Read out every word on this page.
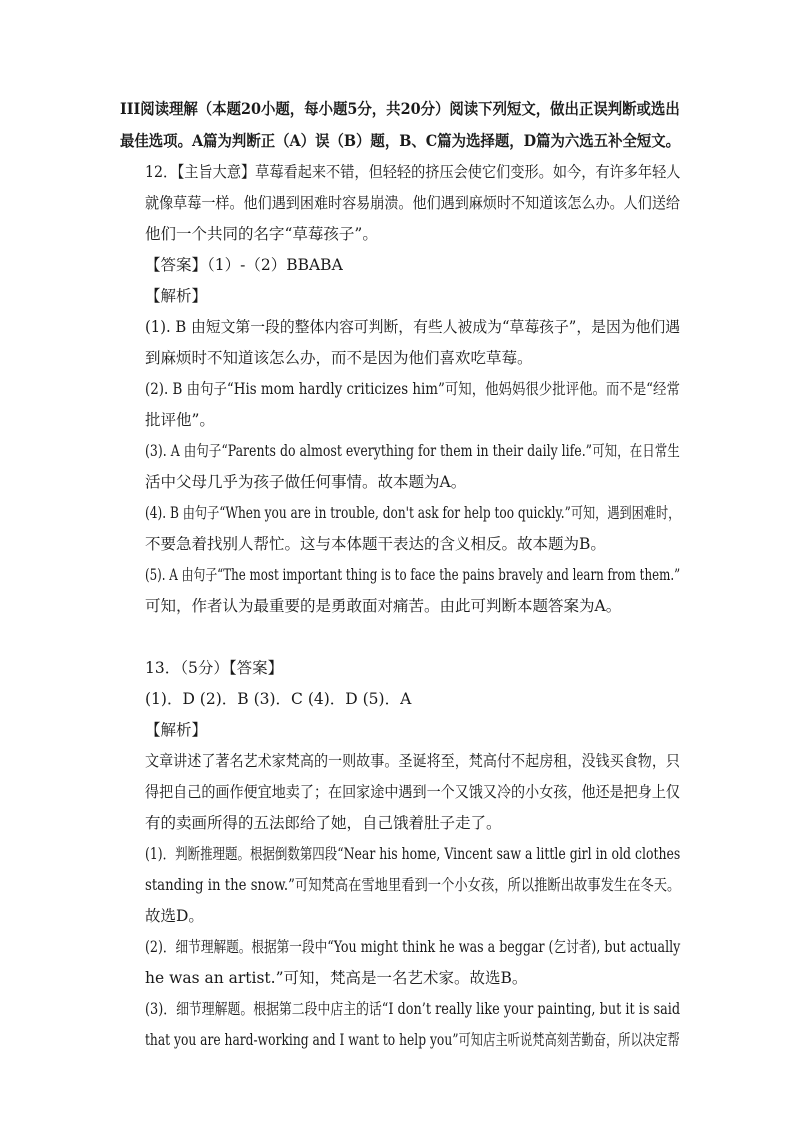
III阅读理解（本题20小题，每小题5分，共20分）阅读下列短文，做出正误判断或选出
最佳选项。A篇为判断正（A）误（B）题，B、C篇为选择题，D篇为六选五补全短文。
12．【主旨大意】草莓看起来不错，但轻轻的挤压会使它们变形。如今，有许多年轻人
就像草莓一样。他们遇到困难时容易崩溃。他们遇到麻烦时不知道该怎么办。人们送给
他们一个共同的名字“草莓孩子”。
【答案】（1）-（2）BBABA
【解析】
(1). B 由短文第一段的整体内容可判断，有些人被成为“草莓孩子”，是因为他们遇
到麻烦时不知道该怎么办，而不是因为他们喜欢吃草莓。
(2). B 由句子“His mom hardly criticizes him”可知，他妈妈很少批评他。而不是“经常
批评他”。
(3). A 由句子“Parents do almost everything for them in their daily life.”可知，在日常生
活中父母几乎为孩子做任何事情。故本题为A。
(4). B 由句子“When you are in trouble, don't ask for help too quickly.”可知，遇到困难时，
不要急着找别人帮忙。这与本体题干表达的含义相反。故本题为B。
(5). A 由句子“The most important thing is to face the pains bravely and learn from them.”
可知，作者认为最重要的是勇敢面对痛苦。由此可判断本题答案为A。
13．（5分）【答案】
(1)．D (2)．B (3)．C (4)．D (5)．A
【解析】
文章讲述了著名艺术家梵高的一则故事。圣诞将至，梵高付不起房租，没钱买食物，只
得把自己的画作便宜地卖了；在回家途中遇到一个又饿又冷的小女孩，他还是把身上仅
有的卖画所得的五法郎给了她，自己饿着肚子走了。
(1)．判断推理题。根据倒数第四段“Near his home, Vincent saw a little girl in old clothes
standing in the snow.”可知梵高在雪地里看到一个小女孩，所以推断出故事发生在冬天。
故选D。
(2)．细节理解题。根据第一段中“You might think he was a beggar (乞讨者), but actually
he was an artist.”可知，梵高是一名艺术家。故选B。
(3)．细节理解题。根据第二段中店主的话“I don’t really like your painting, but it is said
that you are hard-working and I want to help you”可知店主听说梵高刻苦勤奋，所以决定帮
